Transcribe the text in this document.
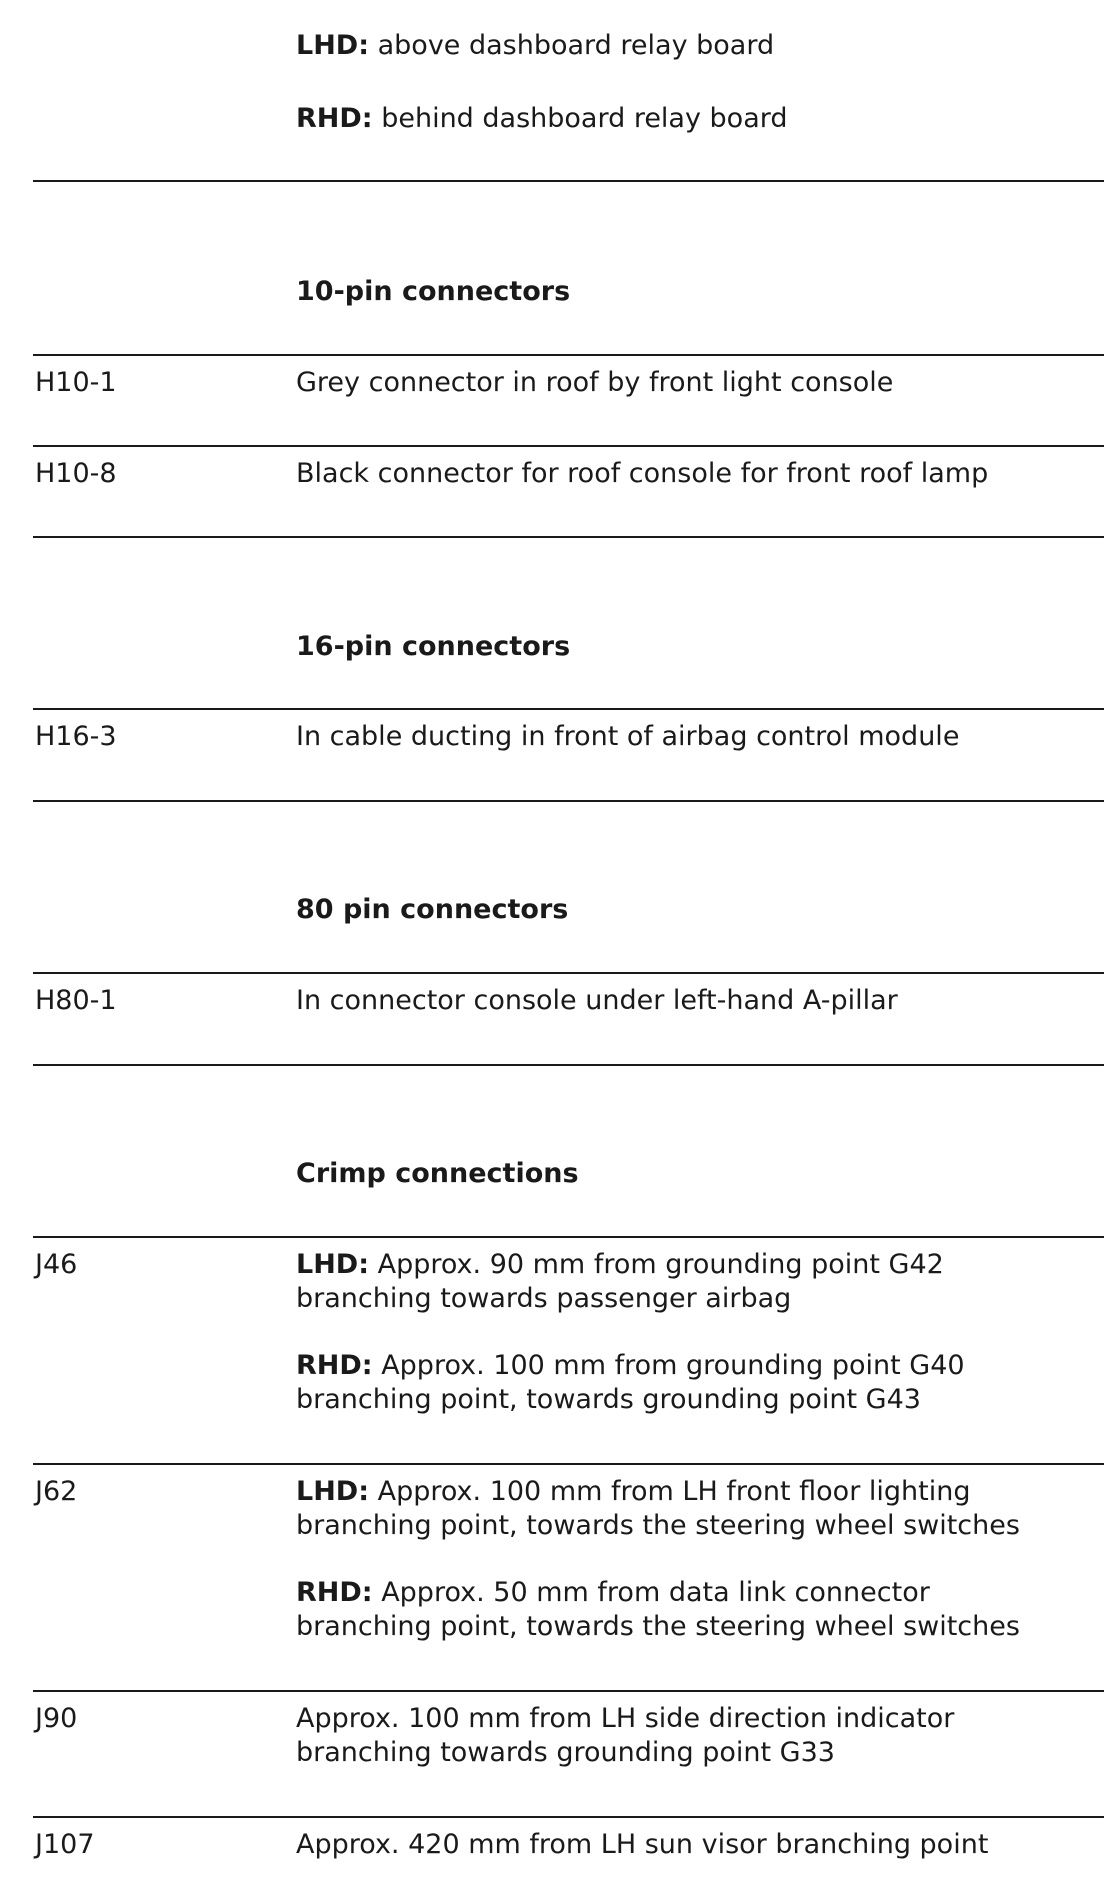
LHD: above dashboard relay board
RHD: behind dashboard relay board
10-pin connectors
H10-1	Grey connector in roof by front light console
H10-8	Black connector for roof console for front roof lamp
16-pin connectors
H16-3	In cable ducting in front of airbag control module
80 pin connectors
H80-1	In connector console under left-hand A-pillar
Crimp connections
J46	LHD: Approx. 90 mm from grounding point G42
branching towards passenger airbag
RHD: Approx. 100 mm from grounding point G40
branching point, towards grounding point G43
J62	LHD: Approx. 100 mm from LH front floor lighting
branching point, towards the steering wheel switches
RHD: Approx. 50 mm from data link connector
branching point, towards the steering wheel switches
J90	Approx. 100 mm from LH side direction indicator
branching towards grounding point G33
J107	Approx. 420 mm from LH sun visor branching point
